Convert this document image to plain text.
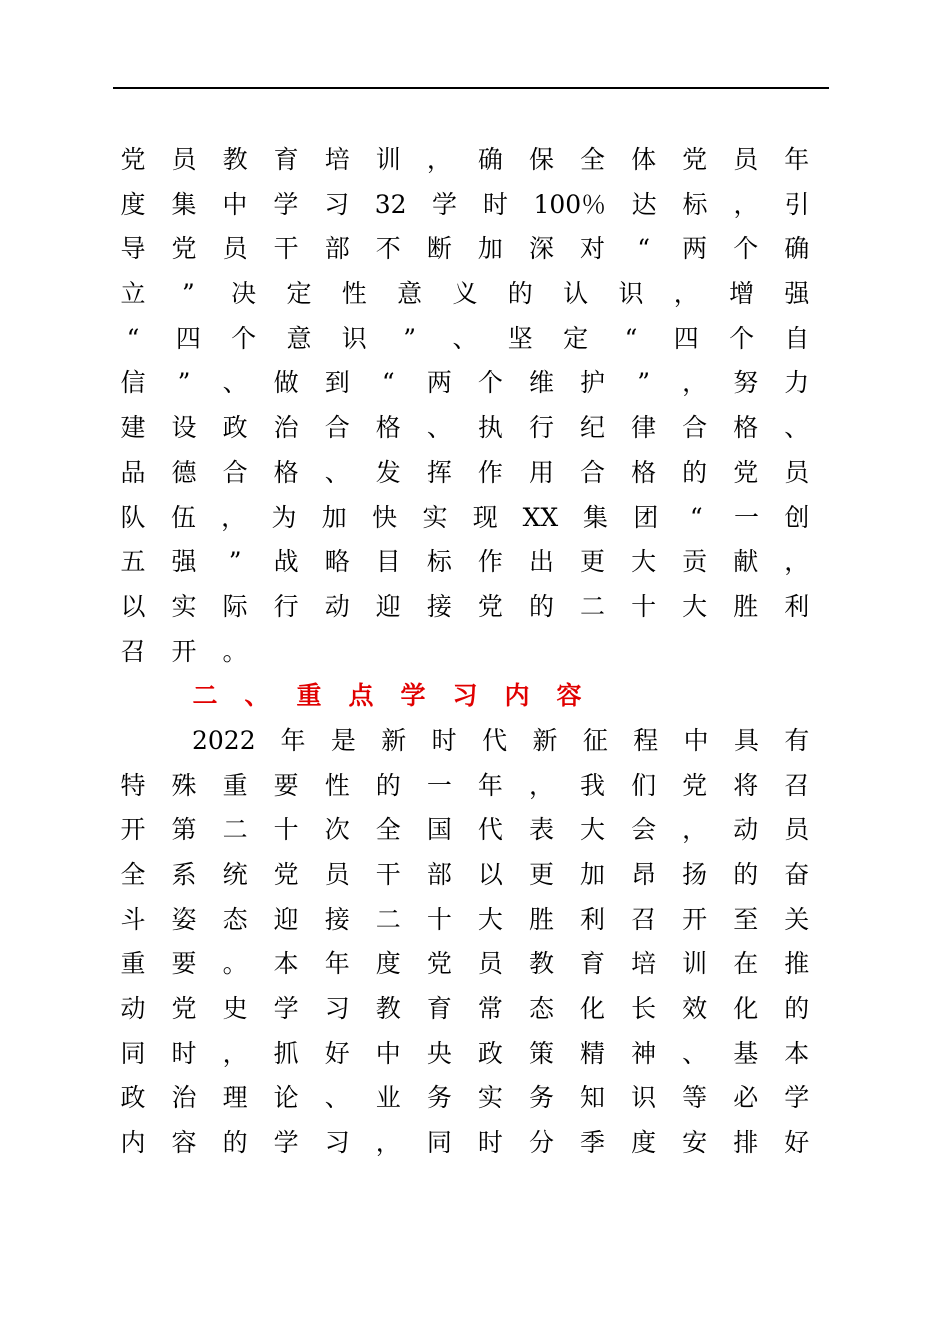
党 员 教 育 培 训 ， 确 保 全 体 党 员 年
度 集 中 学 习 32 学 时 100％ 达 标 ， 引
导 党 员 干 部 不 断 加 深 对 “ 两 个 确
立 ” 决 定 性 意 义 的 认 识 ， 增 强
“ 四 个 意 识 ” 、 坚 定 “ 四 个 自
信 ” 、 做 到 “ 两 个 维 护 ” ， 努 力
建 设 政 治 合 格 、 执 行 纪 律 合 格 、
品 德 合 格 、 发 挥 作 用 合 格 的 党 员
队 伍 ， 为 加 快 实 现 XX 集 团 “ 一 创
五 强 ” 战 略 目 标 作 出 更 大 贡 献 ，
以 实 际 行 动 迎 接 党 的 二 十 大 胜 利
召 开 。
二 、 重 点 学 习 内 容
2022 年 是 新 时 代 新 征 程 中 具 有
特 殊 重 要 性 的 一 年 ， 我 们 党 将 召
开 第 二 十 次 全 国 代 表 大 会 ， 动 员
全 系 统 党 员 干 部 以 更 加 昂 扬 的 奋
斗 姿 态 迎 接 二 十 大 胜 利 召 开 至 关
重 要 。 本 年 度 党 员 教 育 培 训 在 推
动 党 史 学 习 教 育 常 态 化 长 效 化 的
同 时 ， 抓 好 中 央 政 策 精 神 、 基 本
政 治 理 论 、 业 务 实 务 知 识 等 必 学
内 容 的 学 习 ， 同 时 分 季 度 安 排 好
